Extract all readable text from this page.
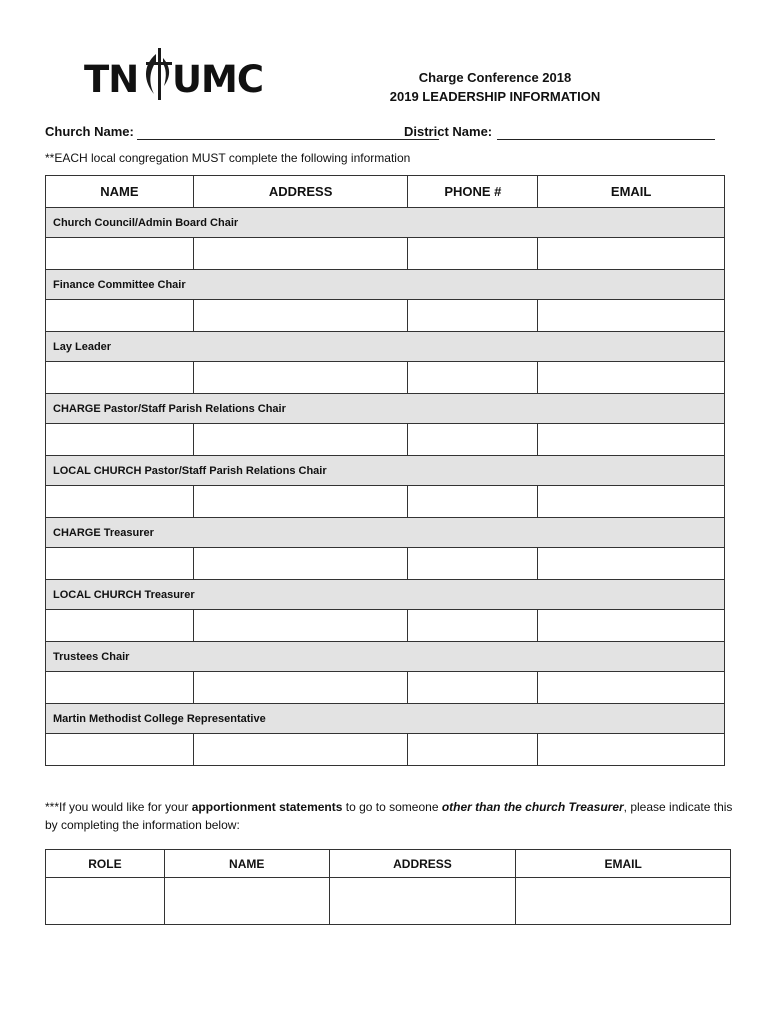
TN UMC	Charge Conference 2018
2019 LEADERSHIP INFORMATION
Church Name:	District Name:
**EACH local congregation MUST complete the following information
NAME	ADDRESS	PHONE #	EMAIL
Church Council/Admin Board Chair			

Finance Committee Chair			

Lay Leader			

CHARGE Pastor/Staff Parish Relations Chair			

LOCAL CHURCH Pastor/Staff Parish Relations Chair			

CHARGE Treasurer			

LOCAL CHURCH Treasurer			

Trustees Chair			

Martin Methodist College Representative			

***If you would like for your apportionment statements to go to someone other than the church Treasurer, please indicate this by completing the information below:
ROLE	NAME	ADDRESS	EMAIL
